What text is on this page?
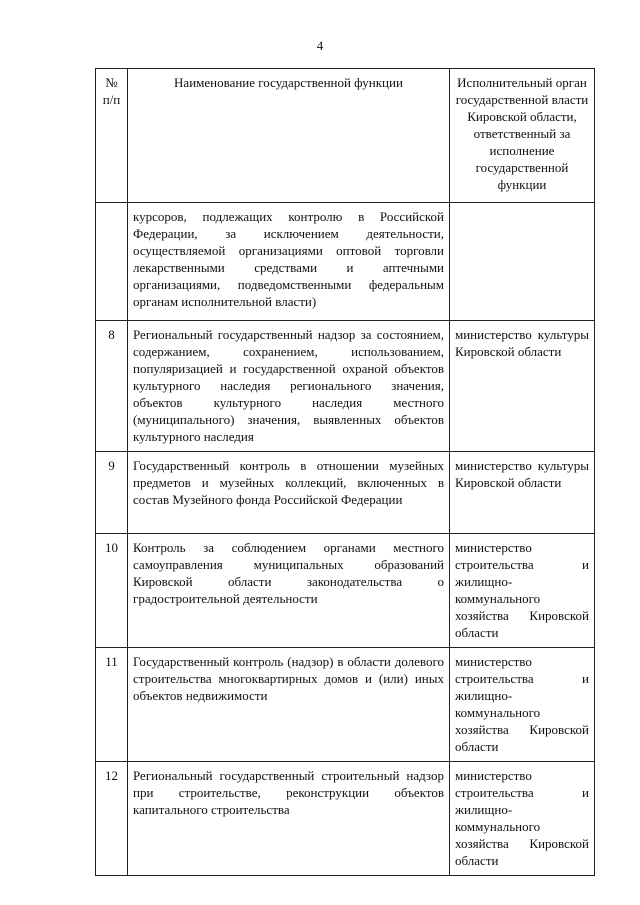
4
№ п/п	Наименование государственной функции	Исполнительный орган государственной власти Кировской области, ответственный за исполнение государственной функции
	курсоров, подлежащих контролю в Российской Федерации, за исключением деятельности, осуществляемой организациями оптовой торговли лекарственными средствами и аптечными организациями, подведомственными федеральным органам исполнительной власти)	
8	Региональный государственный надзор за состоянием, содержанием, сохранением, использованием, популяризацией и государственной охраной объектов культурного наследия регионального значения, объектов культурного наследия местного (муниципального) значения, выявленных объектов культурного наследия	министерство культуры Кировской области
9	Государственный контроль в отношении музейных предметов и музейных коллекций, включенных в состав Музейного фонда Российской Федерации	министерство культуры Кировской области
10	Контроль за соблюдением органами местного самоуправления муниципальных образований Кировской области законодательства о градостроительной деятельности	министерство строительства и жилищно-коммунального хозяйства Кировской области
11	Государственный контроль (надзор) в области долевого строительства многоквартирных домов и (или) иных объектов недвижимости	министерство строительства и жилищно-коммунального хозяйства Кировской области
12	Региональный государственный строительный надзор при строительстве, реконструкции объектов капитального строительства	министерство строительства и жилищно-коммунального хозяйства Кировской области
